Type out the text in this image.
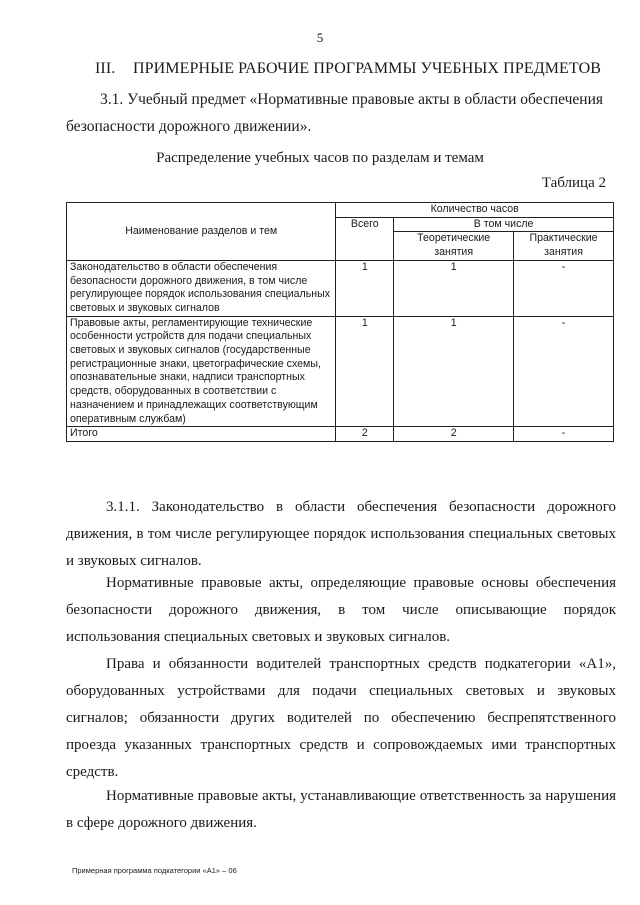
5
III. ПРИМЕРНЫЕ РАБОЧИЕ ПРОГРАММЫ УЧЕБНЫХ ПРЕДМЕТОВ
3.1. Учебный предмет «Нормативные правовые акты в области обеспечения безопасности дорожного движении».
Распределение учебных часов по разделам и темам
Таблица 2
Наименование разделов и тем	Количество часов		
	Всего	В том числе	
		Теоретические занятия	Практические занятия
Законодательство в области обеспечения безопасности дорожного движения, в том числе регулирующее порядок использования специальных световых и звуковых сигналов	1	1	-
Правовые акты, регламентирующие технические особенности устройств для подачи специальных световых и звуковых сигналов (государственные регистрационные знаки, цветографические схемы, опознавательные знаки, надписи транспортных средств, оборудованных в соответствии с назначением и принадлежащих соответствующим оперативным службам)	1	1	-
Итого	2	2	-
3.1.1. Законодательство в области обеспечения безопасности дорожного движения, в том числе регулирующее порядок использования специальных световых и звуковых сигналов.
Нормативные правовые акты, определяющие правовые основы обеспечения безопасности дорожного движения, в том числе описывающие порядок использования специальных световых и звуковых сигналов.
Права и обязанности водителей транспортных средств подкатегории «А1», оборудованных устройствами для подачи специальных световых и звуковых сигналов; обязанности других водителей по обеспечению беспрепятственного проезда указанных транспортных средств и сопровождаемых ими транспортных средств.
Нормативные правовые акты, устанавливающие ответственность за нарушения в сфере дорожного движения.
Примерная программа подкатегории «А1» – 06
